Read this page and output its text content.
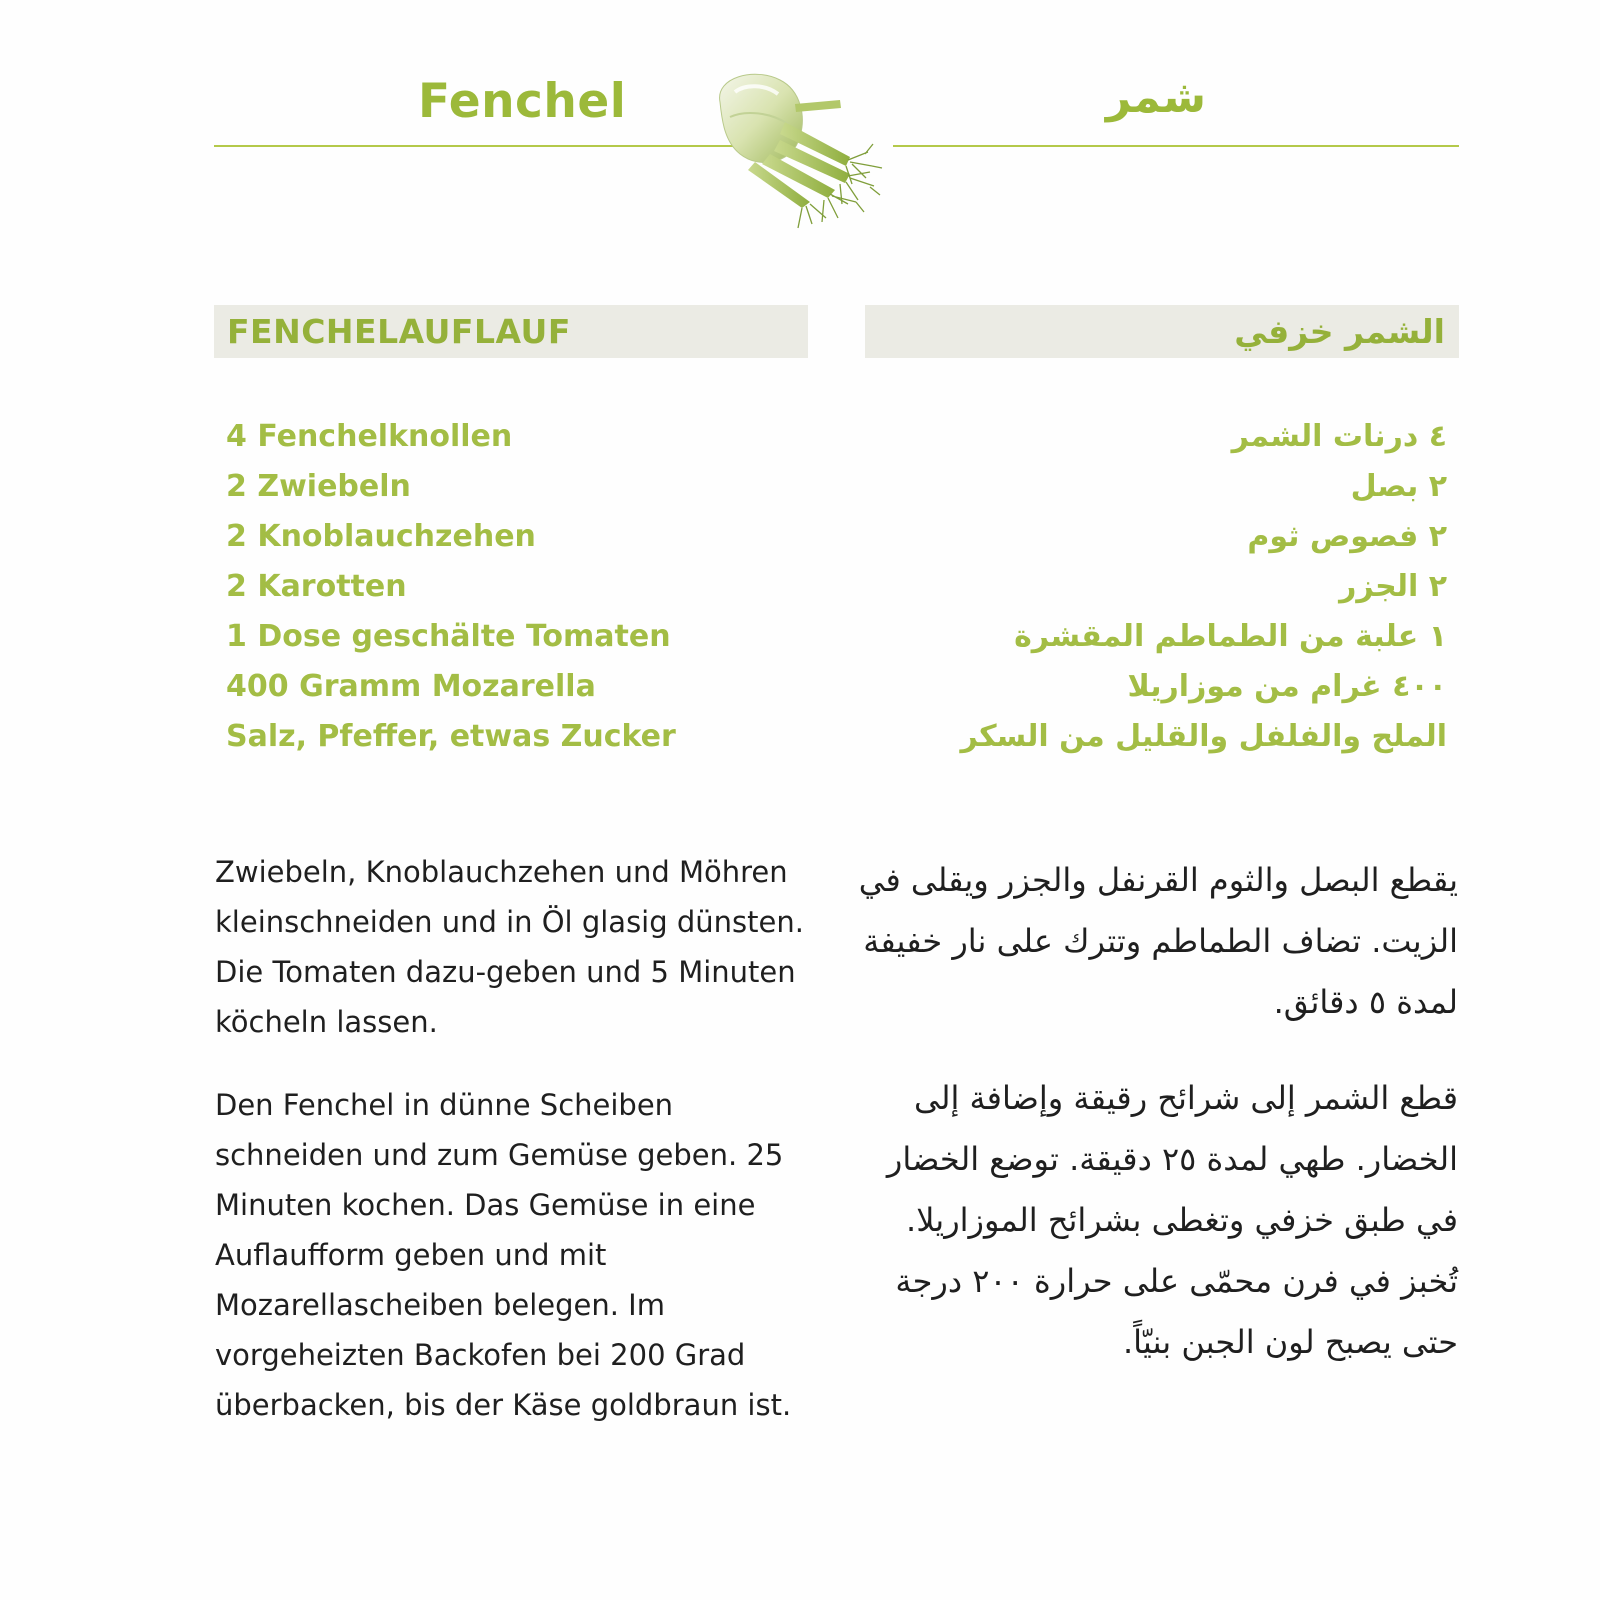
Fenchel	شمر
FENCHELAUFLAUF	الشمر خزفي
4 Fenchelknollen
2 Zwiebeln
2 Knoblauchzehen
2 Karotten
1 Dose geschälte Tomaten
400 Gramm Mozarella
Salz, Pfeffer, etwas Zucker
٤ درنات الشمر
٢ بصل
٢ فصوص ثوم
٢ الجزر
١ علبة من الطماطم المقشرة
٤٠٠ غرام من موزاريلا
الملح والفلفل والقليل من السكر

Zwiebeln, Knoblauchzehen und Möhren kleinschneiden und in Öl glasig dünsten. Die Tomaten dazu-geben und 5 Minuten köcheln lassen.

Den Fenchel in dünne Scheiben schneiden und zum Gemüse geben. 25 Minuten kochen. Das Gemüse in eine Auflaufform geben und mit Mozarellascheiben belegen. Im vorgeheizten Backofen bei 200 Grad überbacken, bis der Käse goldbraun ist.

يقطع البصل والثوم القرنفل والجزر ويقلى في الزيت. تضاف الطماطم وتترك على نار خفيفة لمدة ٥ دقائق.

قطع الشمر إلى شرائح رقيقة وإضافة إلى الخضار. طهي لمدة ٢٥ دقيقة. توضع الخضار في طبق خزفي وتغطى بشرائح الموزاريلا. تُخبز في فرن محمّى على حرارة ٢٠٠ درجة حتى يصبح لون الجبن بنيّاً.
